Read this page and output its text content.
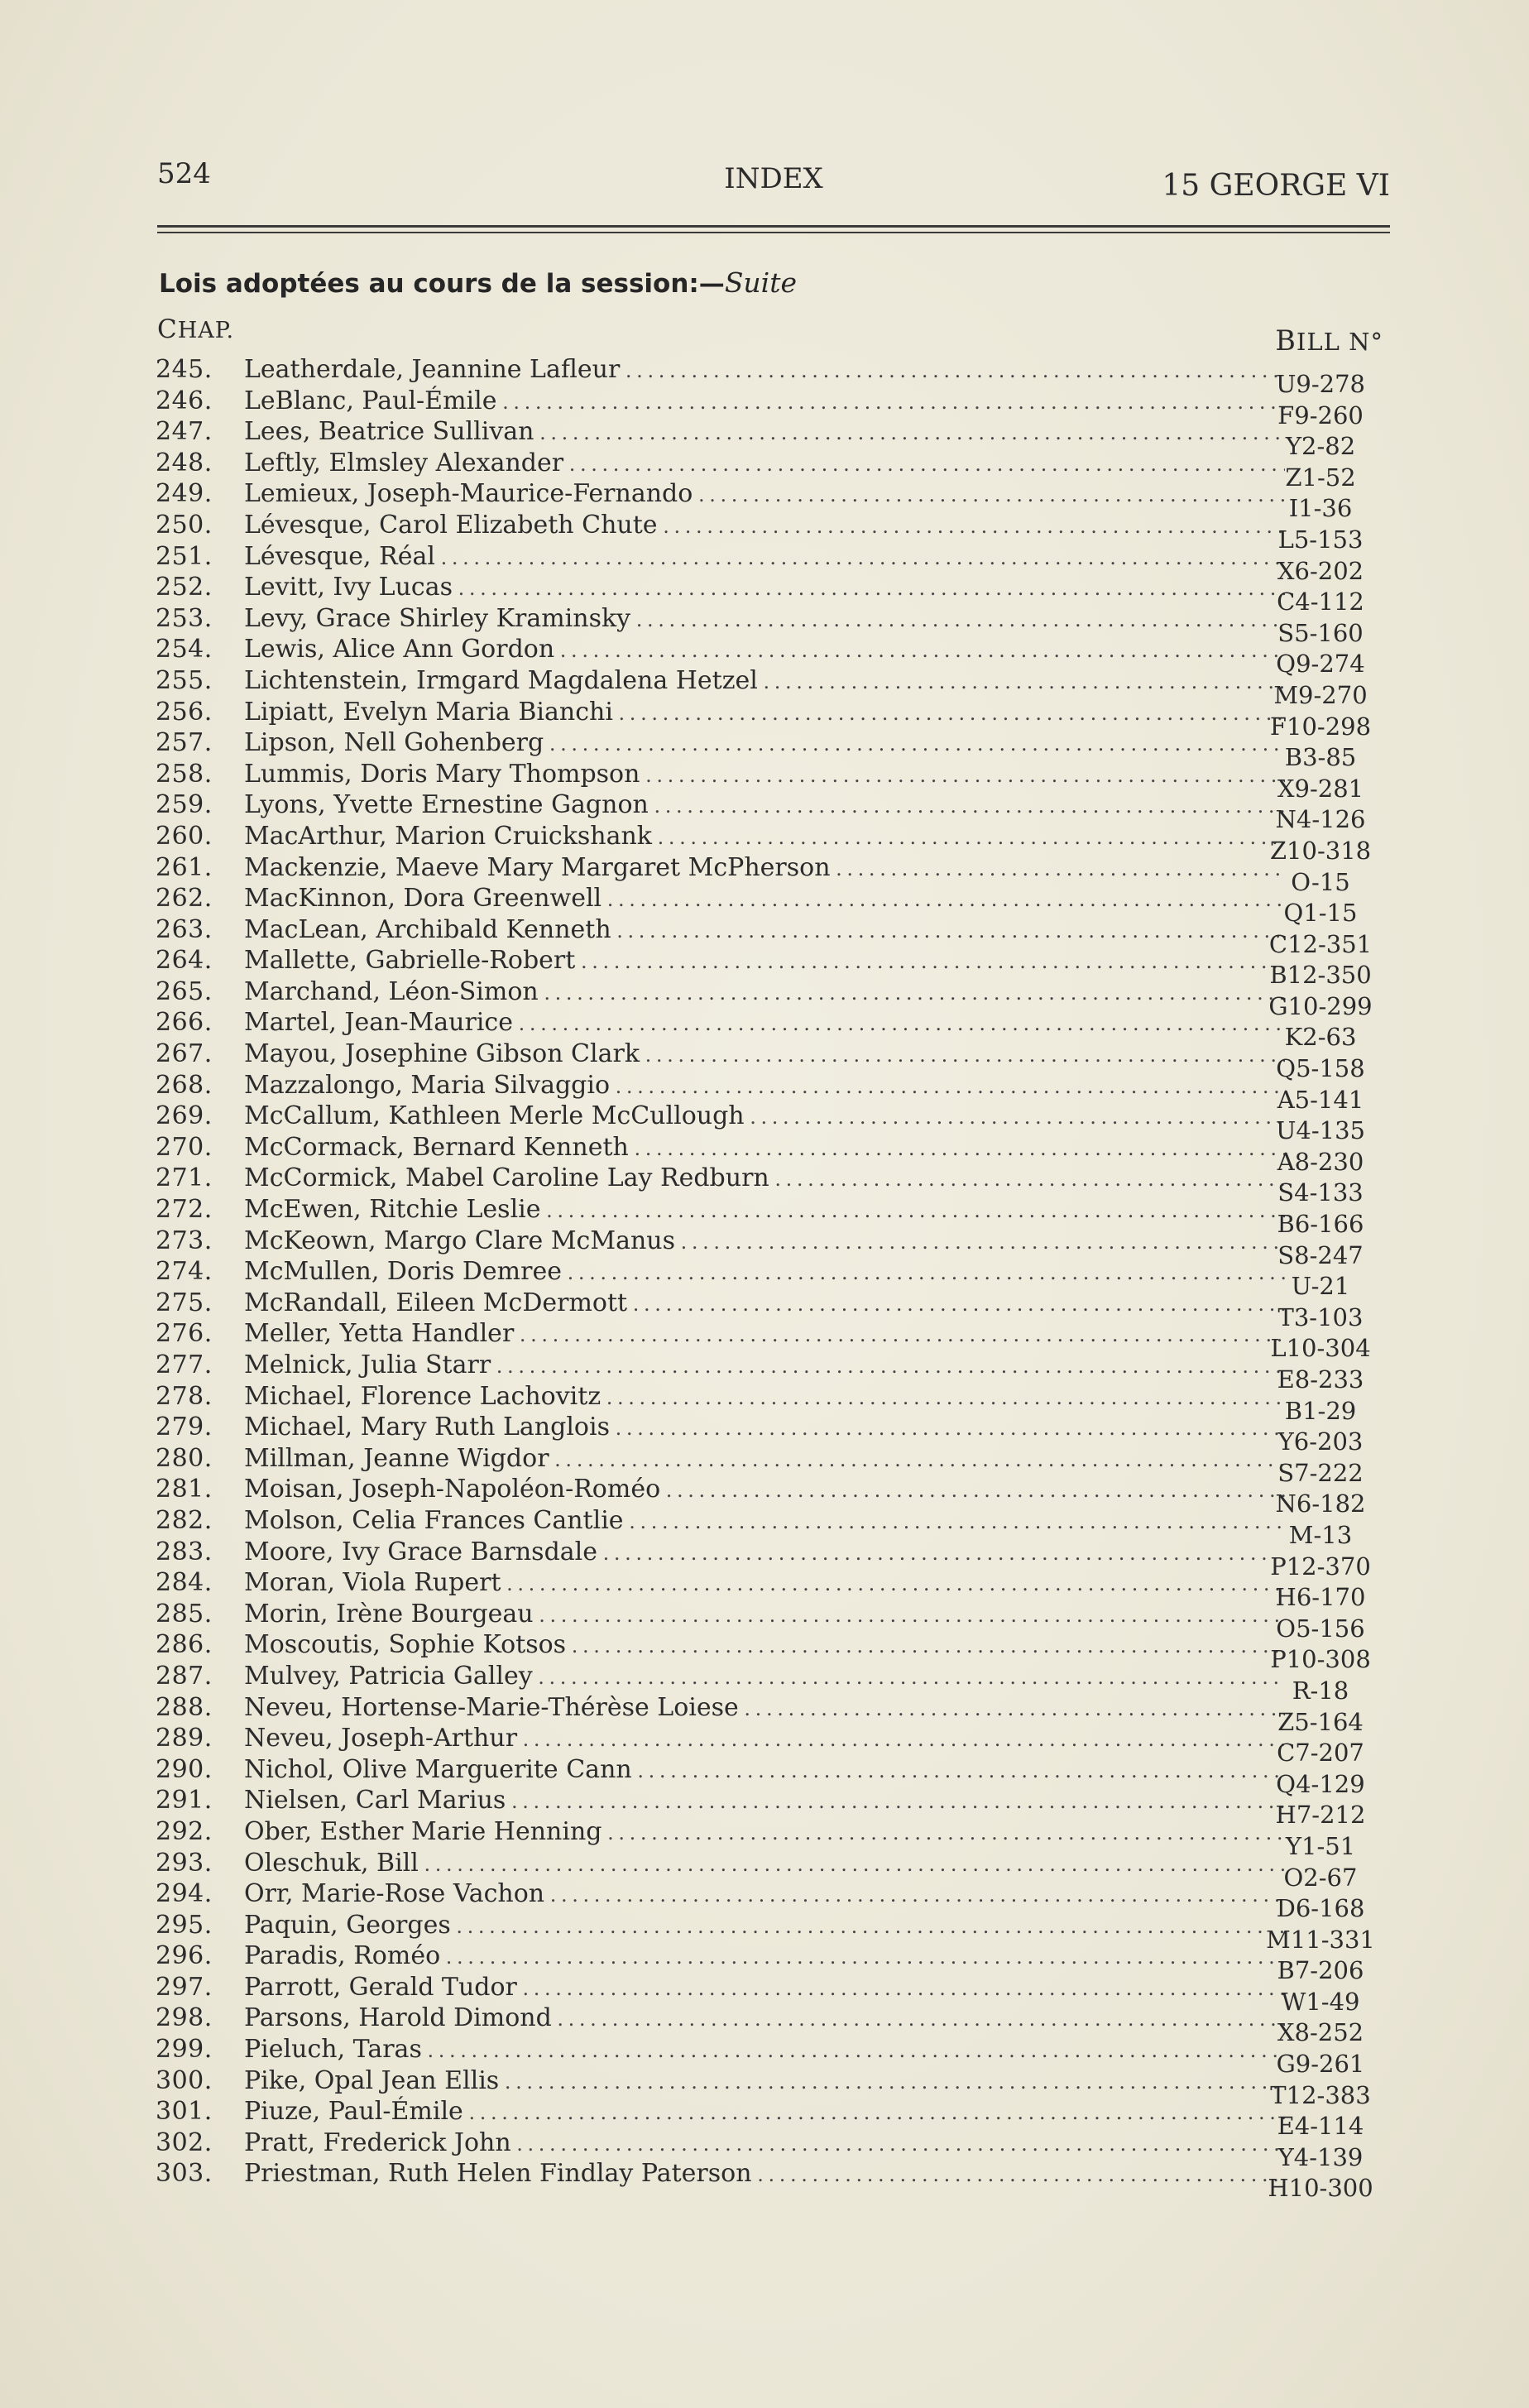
524	INDEX	15 GEORGE VI
Lois adoptées au cours de la session:—Suite
CHAP.	BILL N°
245.	Leatherdale, Jeannine Lafleur . . .	U9-278
246.	LeBlanc, Paul-Émile . . .	F9-260
247.	Lees, Beatrice Sullivan . . .	Y2-82
248.	Leftly, Elmsley Alexander . . .	Z1-52
249.	Lemieux, Joseph-Maurice-Fernando . . .	I1-36
250.	Lévesque, Carol Elizabeth Chute . . .	L5-153
251.	Lévesque, Réal . . .	X6-202
252.	Levitt, Ivy Lucas . . .	C4-112
253.	Levy, Grace Shirley Kraminsky . . .	S5-160
254.	Lewis, Alice Ann Gordon . . .	Q9-274
255.	Lichtenstein, Irmgard Magdalena Hetzel . . .	M9-270
256.	Lipiatt, Evelyn Maria Bianchi . . .	F10-298
257.	Lipson, Nell Gohenberg . . .	B3-85
258.	Lummis, Doris Mary Thompson . . .	X9-281
259.	Lyons, Yvette Ernestine Gagnon . . .	N4-126
260.	MacArthur, Marion Cruickshank . . .	Z10-318
261.	Mackenzie, Maeve Mary Margaret McPherson . . .	O-15
262.	MacKinnon, Dora Greenwell . . .	Q1-15
263.	MacLean, Archibald Kenneth . . .	C12-351
264.	Mallette, Gabrielle-Robert . . .	B12-350
265.	Marchand, Léon-Simon . . .	G10-299
266.	Martel, Jean-Maurice . . .	K2-63
267.	Mayou, Josephine Gibson Clark . . .	Q5-158
268.	Mazzalongo, Maria Silvaggio . . .	A5-141
269.	McCallum, Kathleen Merle McCullough . . .	U4-135
270.	McCormack, Bernard Kenneth . . .	A8-230
271.	McCormick, Mabel Caroline Lay Redburn . . .	S4-133
272.	McEwen, Ritchie Leslie . . .	B6-166
273.	McKeown, Margo Clare McManus . . .	S8-247
274.	McMullen, Doris Demree . . .	U-21
275.	McRandall, Eileen McDermott . . .	T3-103
276.	Meller, Yetta Handler . . .	L10-304
277.	Melnick, Julia Starr . . .	E8-233
278.	Michael, Florence Lachovitz . . .	B1-29
279.	Michael, Mary Ruth Langlois . . .	Y6-203
280.	Millman, Jeanne Wigdor . . .	S7-222
281.	Moisan, Joseph-Napoléon-Roméo . . .	N6-182
282.	Molson, Celia Frances Cantlie . . .	M-13
283.	Moore, Ivy Grace Barnsdale . . .	P12-370
284.	Moran, Viola Rupert . . .	H6-170
285.	Morin, Irène Bourgeau . . .	O5-156
286.	Moscoutis, Sophie Kotsos . . .	P10-308
287.	Mulvey, Patricia Galley . . .	R-18
288.	Neveu, Hortense-Marie-Thérèse Loiese . . .	Z5-164
289.	Neveu, Joseph-Arthur . . .	C7-207
290.	Nichol, Olive Marguerite Cann . . .	Q4-129
291.	Nielsen, Carl Marius . . .	H7-212
292.	Ober, Esther Marie Henning . . .	Y1-51
293.	Oleschuk, Bill . . .	O2-67
294.	Orr, Marie-Rose Vachon . . .	D6-168
295.	Paquin, Georges . . .	M11-331
296.	Paradis, Roméo . . .	B7-206
297.	Parrott, Gerald Tudor . . .	W1-49
298.	Parsons, Harold Dimond . . .	X8-252
299.	Pieluch, Taras . . .	G9-261
300.	Pike, Opal Jean Ellis . . .	T12-383
301.	Piuze, Paul-Émile . . .	E4-114
302.	Pratt, Frederick John . . .	Y4-139
303.	Priestman, Ruth Helen Findlay Paterson . . .	H10-300
